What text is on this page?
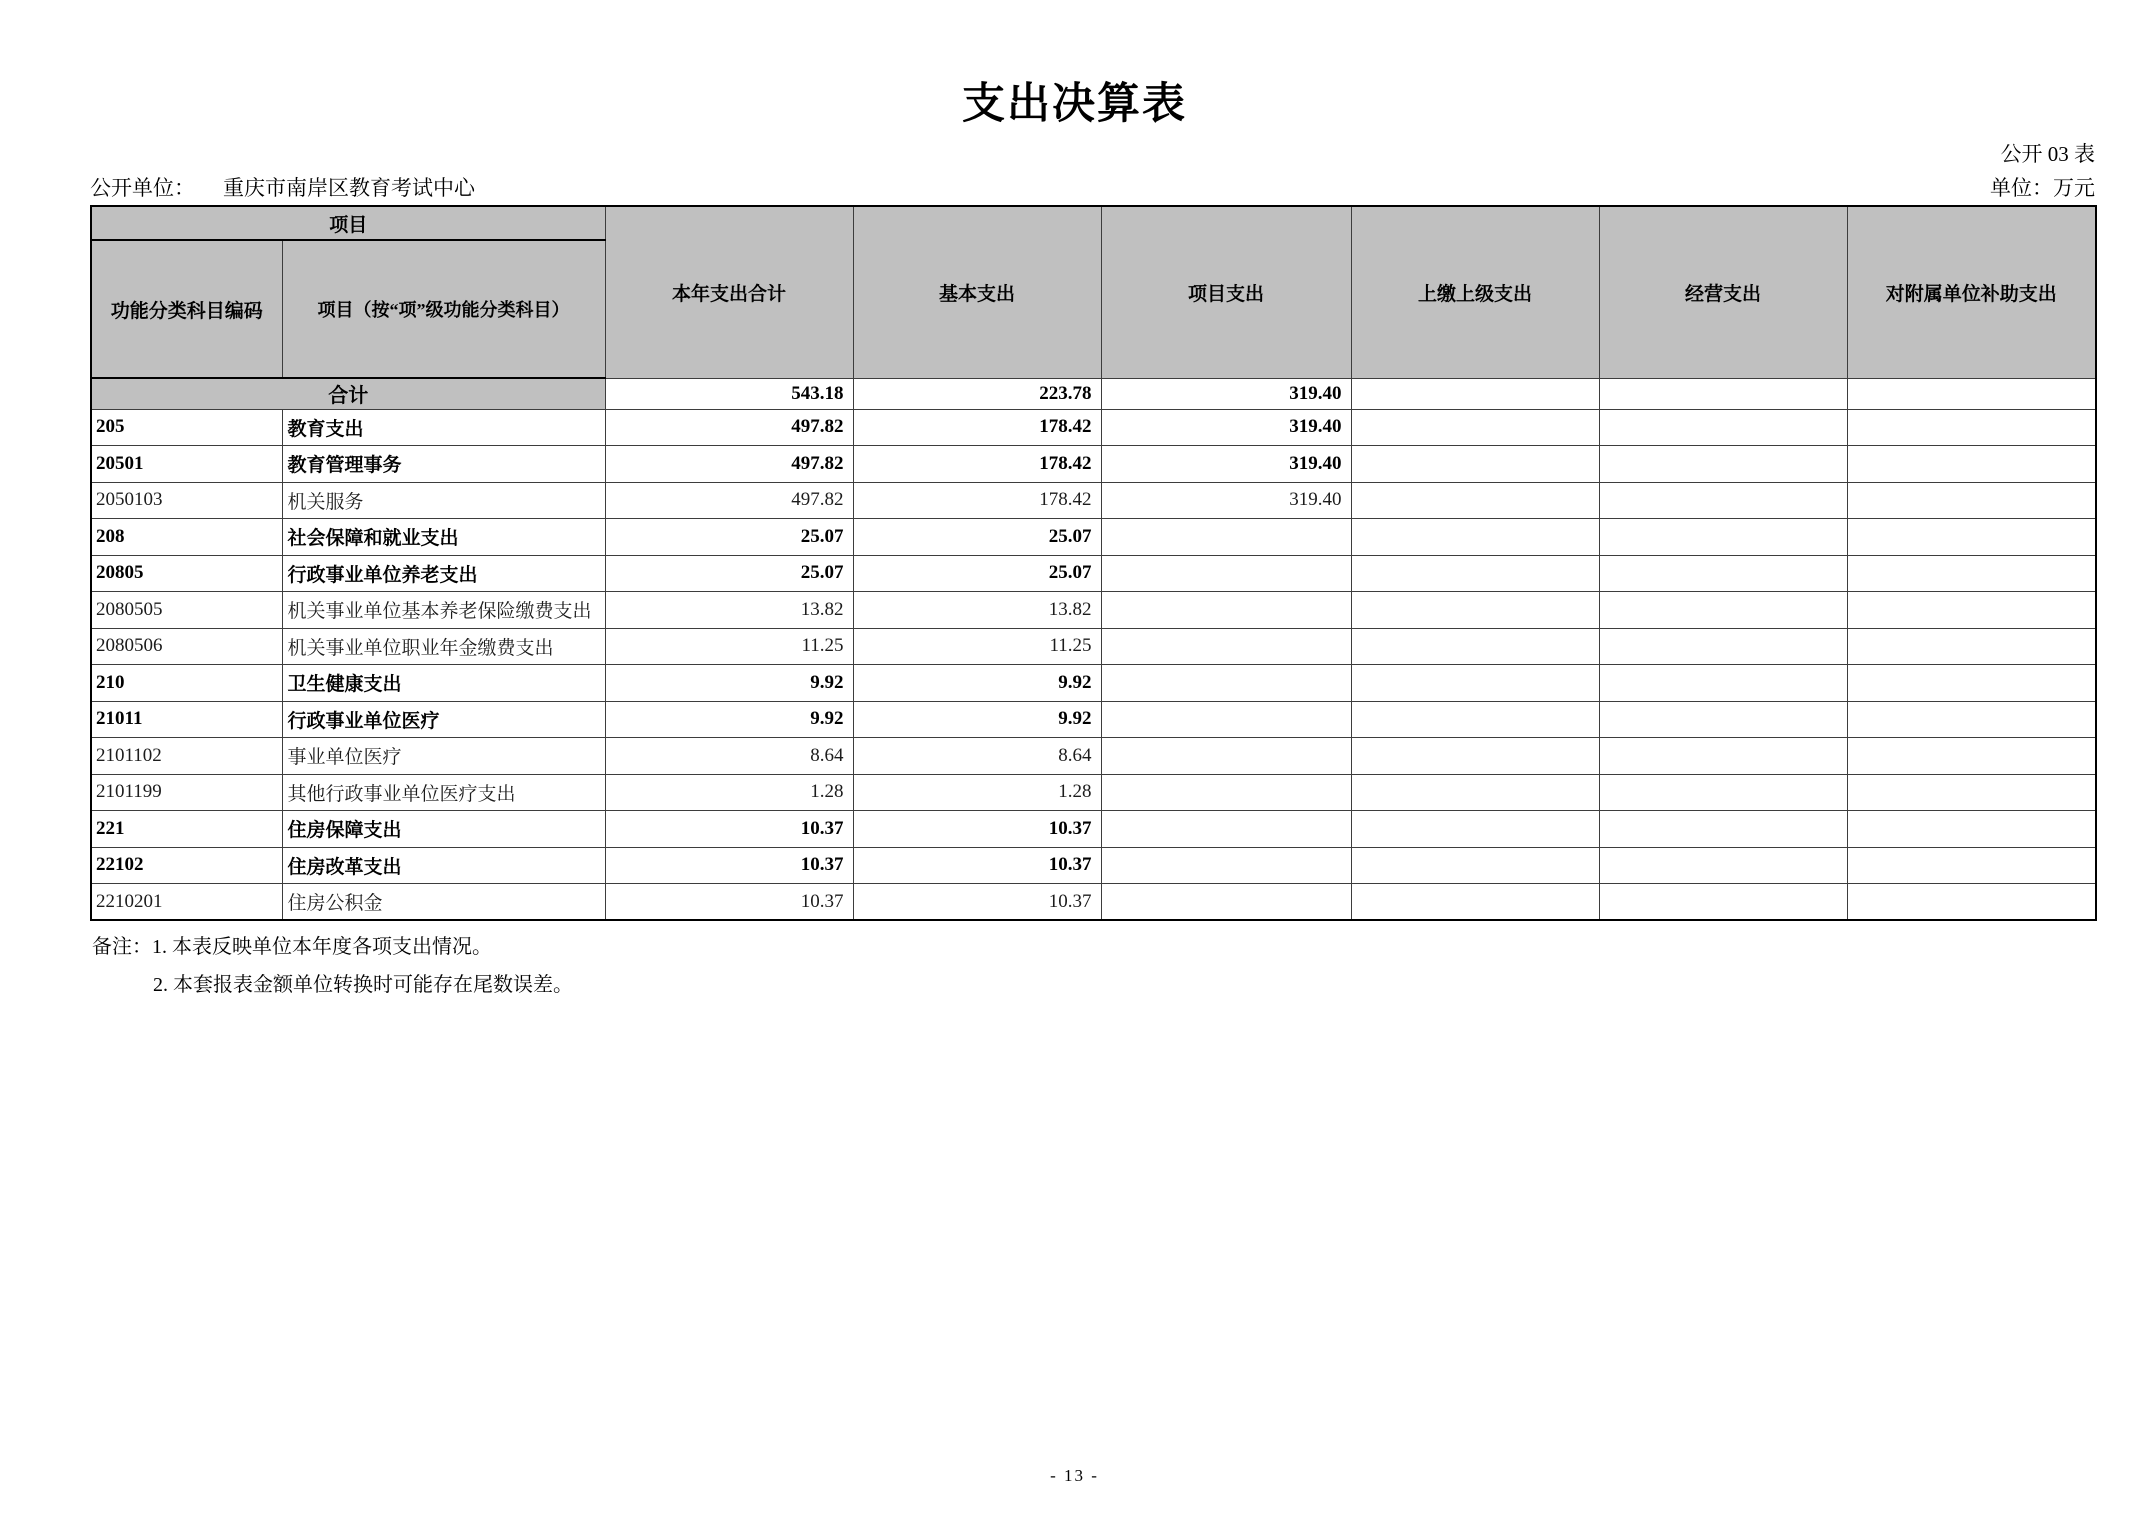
支出决算表
公开 03 表
公开单位： 重庆市南岸区教育考试中心	单位：万元
项目		本年支出合计	基本支出	项目支出	上缴上级支出	经营支出	对附属单位补助支出
功能分类科目编码	项目（按“项”级功能分类科目）						
合计		543.18	223.78	319.40			
205	教育支出	497.82	178.42	319.40			
20501	教育管理事务	497.82	178.42	319.40			
2050103	机关服务	497.82	178.42	319.40			
208	社会保障和就业支出	25.07	25.07				
20805	行政事业单位养老支出	25.07	25.07				
2080505	机关事业单位基本养老保险缴费支出	13.82	13.82				
2080506	机关事业单位职业年金缴费支出	11.25	11.25				
210	卫生健康支出	9.92	9.92				
21011	行政事业单位医疗	9.92	9.92				
2101102	事业单位医疗	8.64	8.64				
2101199	其他行政事业单位医疗支出	1.28	1.28				
221	住房保障支出	10.37	10.37				
22102	住房改革支出	10.37	10.37				
2210201	住房公积金	10.37	10.37				
备注：1. 本表反映单位本年度各项支出情况。
2. 本套报表金额单位转换时可能存在尾数误差。
- 13 -
